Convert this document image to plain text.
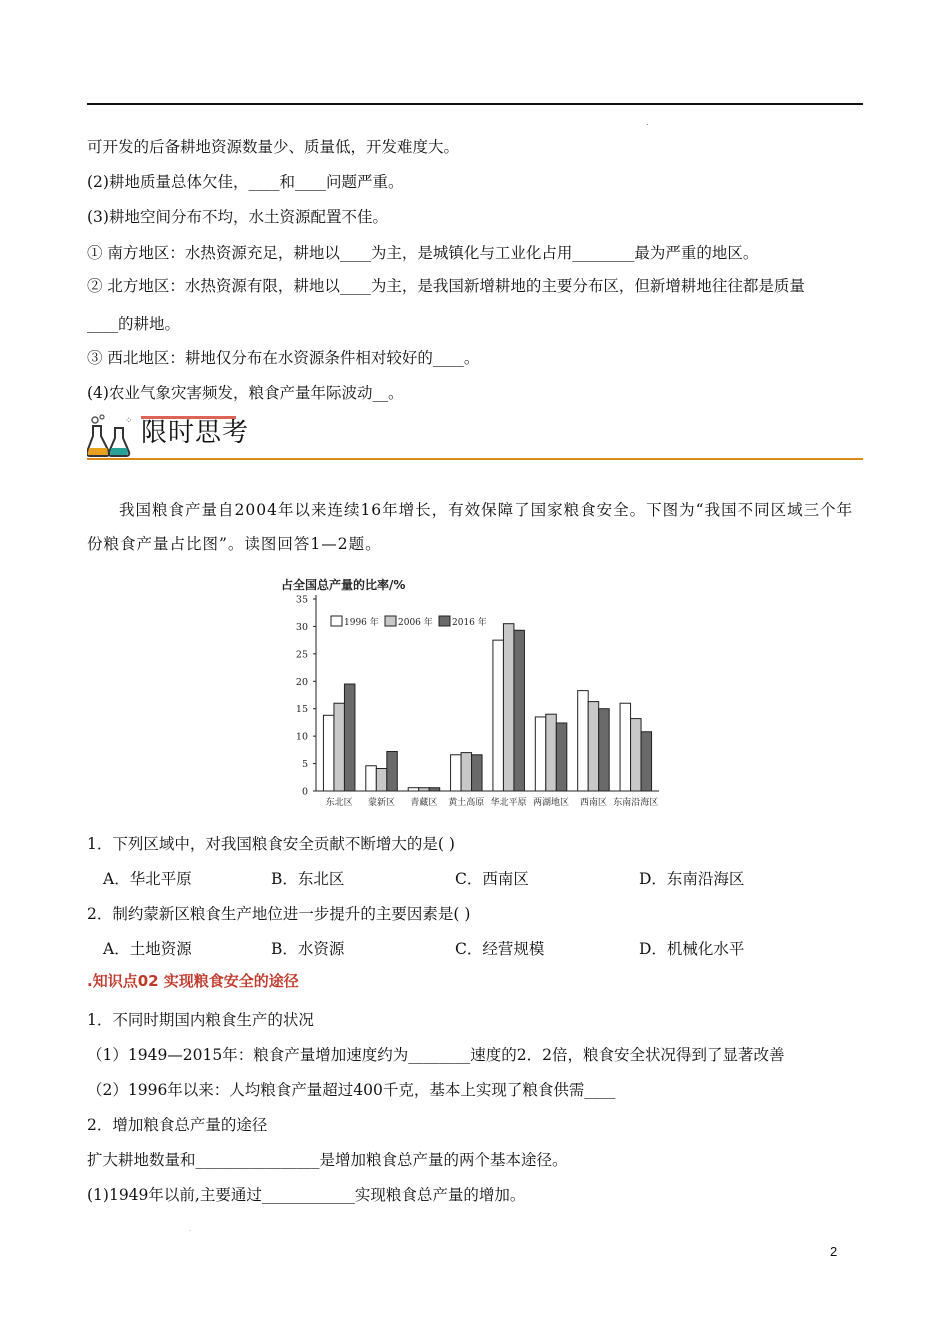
.
可开发的后备耕地资源数量少、质量低，开发难度大。
(2)耕地质量总体欠佳，____和____问题严重。
(3)耕地空间分布不均，水土资源配置不佳。
① 南方地区：水热资源充足，耕地以____为主，是城镇化与工业化占用________最为严重的地区。
② 北方地区：水热资源有限，耕地以____为主，是我国新增耕地的主要分布区，但新增耕地往往都是质量
____的耕地。
③ 西北地区：耕地仅分布在水资源条件相对较好的____。
(4)农业气象灾害频发，粮食产量年际波动__。
⁘ 限时思考
我国粮食产量自2004年以来连续16年增长，有效保障了国家粮食安全。下图为“我国不同区域三个年份粮食产量占比图”。读图回答1—2题。
占全国总产量的比率/%
0
5
10
15
20
25
30
35
东北区 蒙新区 青藏区 黄土高原 华北平原 两湖地区 西南区 东南沿海区
1996 年 2006 年 2016 年
1．下列区域中，对我国粮食安全贡献不断增大的是( )
A．华北平原	B．东北区	C．西南区	D．东南沿海区
2．制约蒙新区粮食生产地位进一步提升的主要因素是( )
A．土地资源	B．水资源	C．经营规模	D．机械化水平
.知识点02 实现粮食安全的途径
1．不同时期国内粮食生产的状况
（1）1949—2015年：粮食产量增加速度约为________速度的2．2倍，粮食安全状况得到了显著改善
（2）1996年以来：人均粮食产量超过400千克，基本上实现了粮食供需____
2．增加粮食总产量的途径
扩大耕地数量和________________是增加粮食总产量的两个基本途径。
(1)1949年以前,主要通过____________实现粮食总产量的增加。
.
2
